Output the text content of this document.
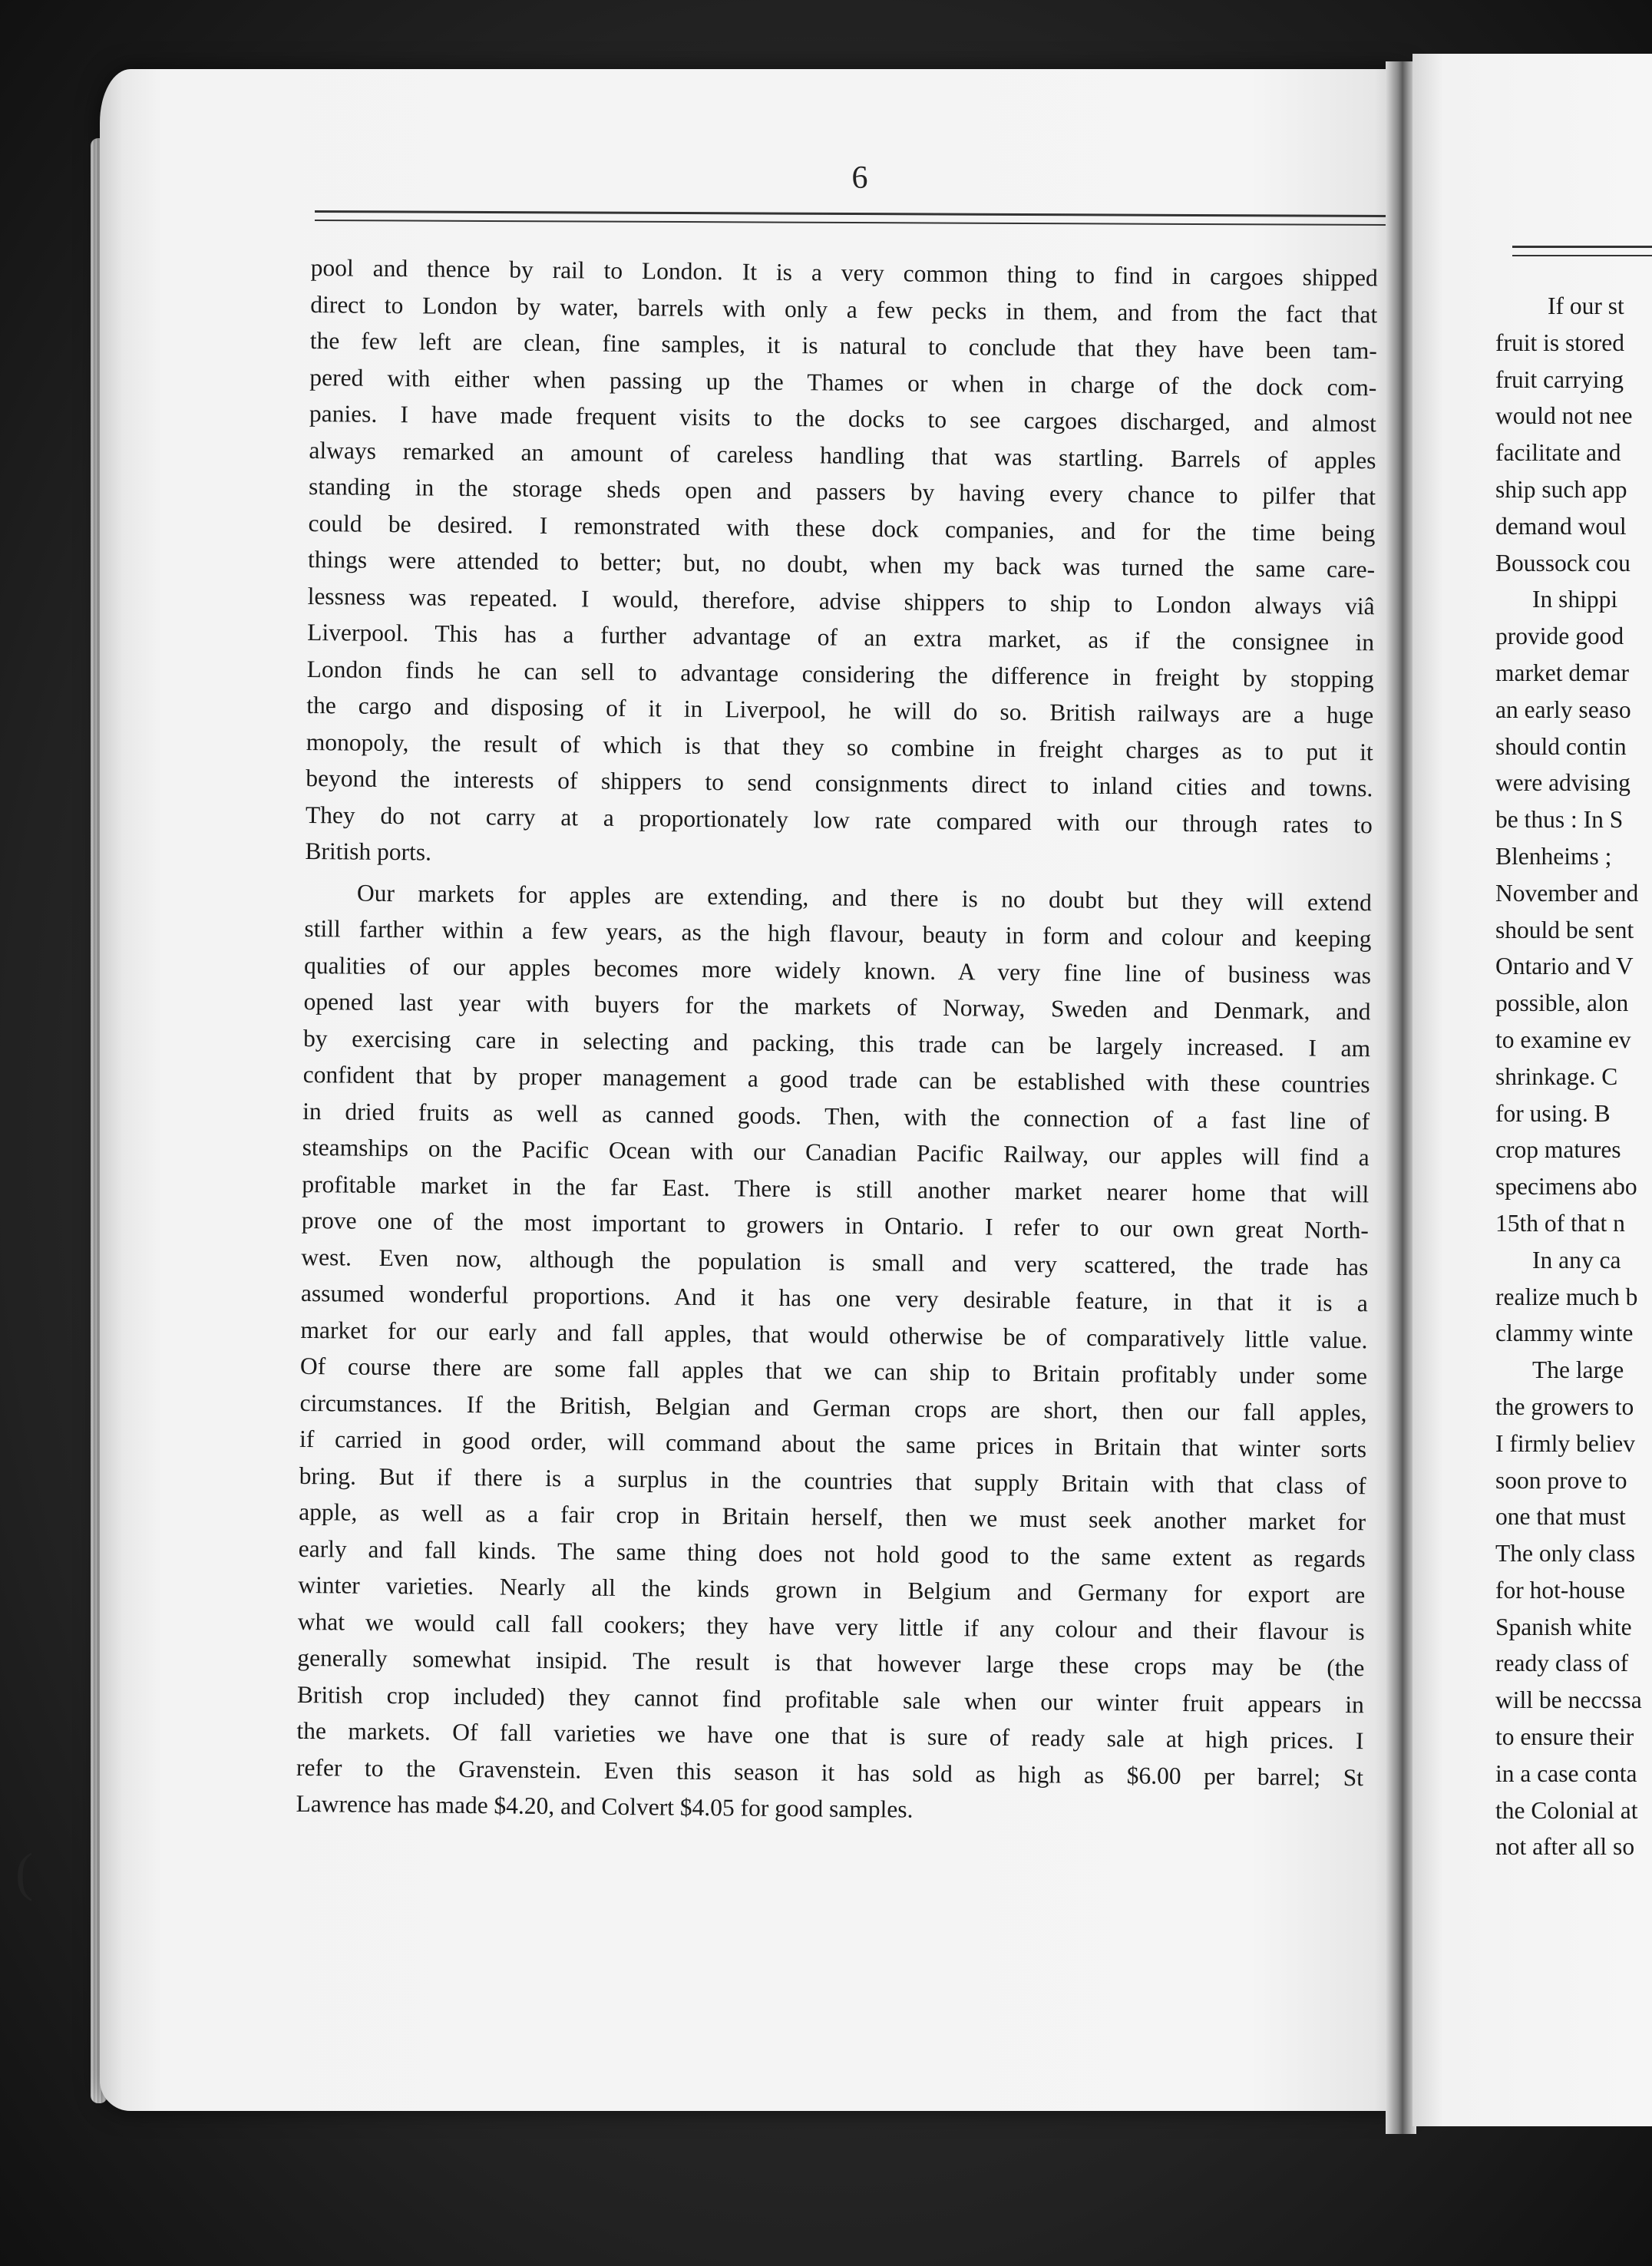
6

pool and thence by rail to London. It is a very common thing to find in cargoes shipped

direct to London by water, barrels with only a few pecks in them, and from the fact that

the few left are clean, fine samples, it is natural to conclude that they have been tam-

pered with either when passing up the Thames or when in charge of the dock com-

panies. I have made frequent visits to the docks to see cargoes discharged, and almost

always remarked an amount of careless handling that was startling. Barrels of apples

standing in the storage sheds open and passers by having every chance to pilfer that

could be desired. I remonstrated with these dock companies, and for the time being

things were attended to better; but, no doubt, when my back was turned the same care-

lessness was repeated. I would, therefore, advise shippers to ship to London always viâ

Liverpool. This has a further advantage of an extra market, as if the consignee in

London finds he can sell to advantage considering the difference in freight by stopping

the cargo and disposing of it in Liverpool, he will do so. British railways are a huge

monopoly, the result of which is that they so combine in freight charges as to put it

beyond the interests of shippers to send consignments direct to inland cities and towns.

They do not carry at a proportionately low rate compared with our through rates to

British ports.

Our markets for apples are extending, and there is no doubt but they will extend

still farther within a few years, as the high flavour, beauty in form and colour and keeping

qualities of our apples becomes more widely known. A very fine line of business was

opened last year with buyers for the markets of Norway, Sweden and Denmark, and

by exercising care in selecting and packing, this trade can be largely increased. I am

confident that by proper management a good trade can be established with these countries

in dried fruits as well as canned goods. Then, with the connection of a fast line of

steamships on the Pacific Ocean with our Canadian Pacific Railway, our apples will find a

profitable market in the far East. There is still another market nearer home that will

prove one of the most important to growers in Ontario. I refer to our own great North-

west. Even now, although the population is small and very scattered, the trade has

assumed wonderful proportions. And it has one very desirable feature, in that it is a

market for our early and fall apples, that would otherwise be of comparatively little value.

Of course there are some fall apples that we can ship to Britain profitably under some

circumstances. If the British, Belgian and German crops are short, then our fall apples,

if carried in good order, will command about the same prices in Britain that winter sorts

bring. But if there is a surplus in the countries that supply Britain with that class of

apple, as well as a fair crop in Britain herself, then we must seek another market for

early and fall kinds. The same thing does not hold good to the same extent as regards

winter varieties. Nearly all the kinds grown in Belgium and Germany for export are

what we would call fall cookers; they have very little if any colour and their flavour is

generally somewhat insipid. The result is that however large these crops may be (the

British crop included) they cannot find profitable sale when our winter fruit appears in

the markets. Of fall varieties we have one that is sure of ready sale at high prices. I

refer to the Gravenstein. Even this season it has sold as high as $6.00 per barrel; St

Lawrence has made $4.20, and Colvert $4.05 for good samples.

If our st
fruit is stored
fruit carrying
would not nee
facilitate and
ship such app
demand woul
Boussock cou
In shippi
provide good
market demar
an early seaso
should contin
were advising
be thus : In S
Blenheims ;
November and
should be sent
Ontario and V
possible, alon
to examine ev
shrinkage. C
for using. B
crop matures
specimens abo
15th of that n
In any ca
realize much b
clammy winte
The large
the growers to
I firmly believ
soon prove to
one that must
The only class
for hot-house
Spanish white
ready class of
will be neccssa
to ensure their
in a case conta
the Colonial at
not after all so
(
